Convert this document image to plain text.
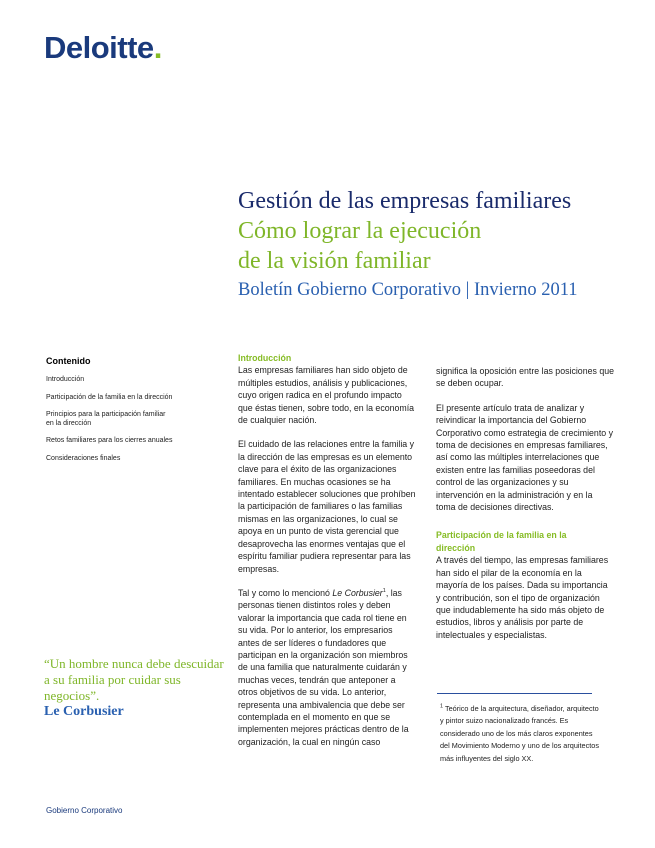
Deloitte.
Gestión de las empresas familiares
Cómo lograr la ejecución
de la visión familiar
Boletín Gobierno Corporativo | Invierno 2011
Contenido
Introducción
Participación de la familia en la dirección
Principios para la participación familiar
en la dirección
Retos familiares para los cierres anuales
Consideraciones finales
“Un hombre nunca debe descuidar a su familia por cuidar sus negocios”.
Le Corbusier
Introducción

Las empresas familiares han sido objeto de múltiples estudios, análisis y publicaciones, cuyo origen radica en el profundo impacto que éstas tienen, sobre todo, en la economía de cualquier nación.

El cuidado de las relaciones entre la familia y la dirección de las empresas es un elemento clave para el éxito de las organizaciones familiares. En muchas ocasiones se ha intentado establecer soluciones que prohíben la participación de familiares o las familias mismas en las organizaciones, lo cual se apoya en un punto de vista gerencial que desaprovecha las enormes ventajas que el espíritu familiar pudiera representar para las empresas.

Tal y como lo mencionó Le Corbusier$^1$, las personas tienen distintos roles y deben valorar la importancia que cada rol tiene en su vida. Por lo anterior, los empresarios antes de ser líderes o fundadores que participan en la organización son miembros de una familia que naturalmente cuidarán y muchas veces, tendrán que anteponer a otros objetivos de su vida. Lo anterior, representa una ambivalencia que debe ser contemplada en el momento en que se implementen mejores prácticas dentro de la organización, la cual en ningún caso

significa la oposición entre las posiciones que se deben ocupar.

El presente artículo trata de analizar y reivindicar la importancia del Gobierno Corporativo como estrategia de crecimiento y toma de decisiones en empresas familiares, así como las múltiples interrelaciones que existen entre las familias poseedoras del control de las organizaciones y su intervención en la administración y en la toma de decisiones directivas.

Participación de la familia en la dirección

A través del tiempo, las empresas familiares han sido el pilar de la economía en la mayoría de los países. Dada su importancia y contribución, son el tipo de organización que indudablemente ha sido más objeto de estudios, libros y análisis por parte de intelectuales y especialistas.

$^1$ Teórico de la arquitectura, diseñador, arquitecto y pintor suizo nacionalizado francés. Es considerado uno de los más claros exponentes del Movimiento Moderno y uno de los arquitectos más influyentes del siglo XX.
Gobierno Corporativo
